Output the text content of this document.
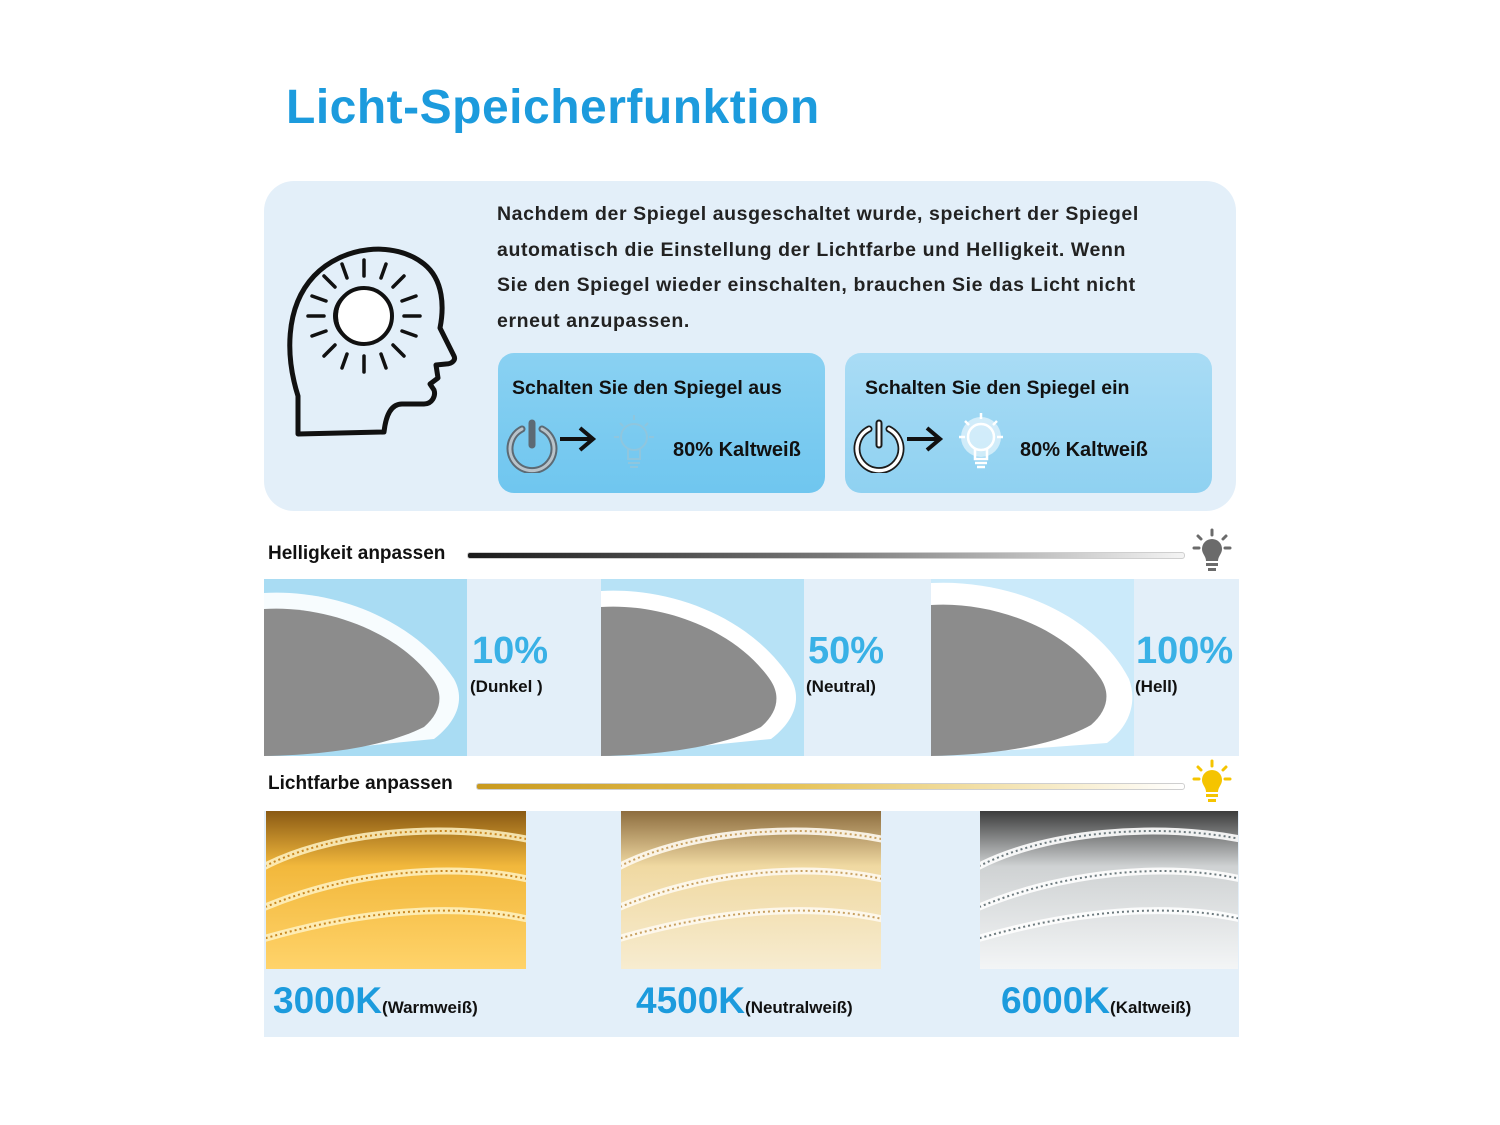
Licht-Speicherfunktion
Nachdem der Spiegel ausgeschaltet wurde, speichert der Spiegel
automatisch die Einstellung der Lichtfarbe und Helligkeit. Wenn
Sie den Spiegel wieder einschalten, brauchen Sie das Licht nicht
erneut anzupassen.
Schalten Sie den Spiegel aus
80% Kaltweiß
Schalten Sie den Spiegel ein
80% Kaltweiß
Helligkeit anpassen
10%
(Dunkel )
50%
(Neutral)
100%
(Hell)
Lichtfarbe anpassen
3000K(Warmweiß)	4500K(Neutralweiß)	6000K(Kaltweiß)
